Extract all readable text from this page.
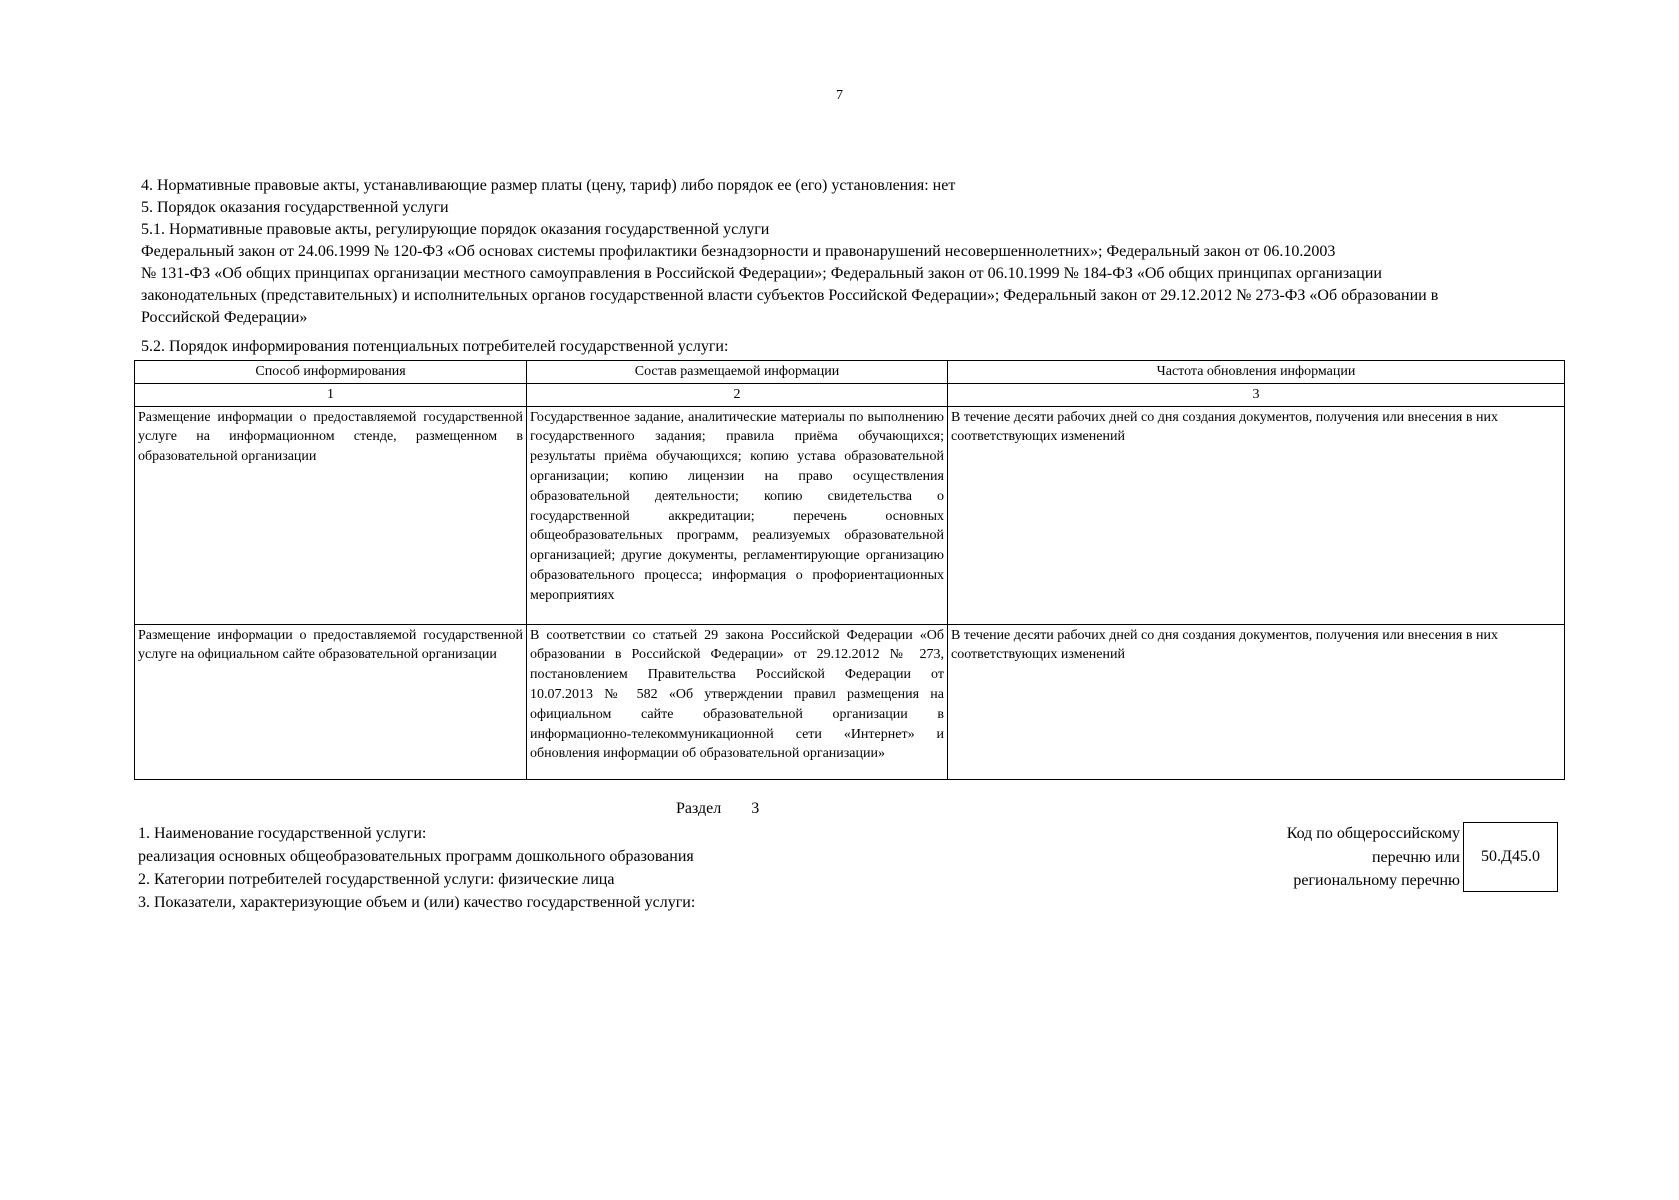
7

4. Нормативные правовые акты, устанавливающие размер платы (цену, тариф) либо порядок ее (его) установления: нет

5. Порядок оказания государственной услуги

5.1. Нормативные правовые акты, регулирующие порядок оказания государственной услуги

Федеральный закон от 24.06.1999 № 120-ФЗ «Об основах системы профилактики безнадзорности и правонарушений несовершеннолетних»; Федеральный закон от 06.10.2003

№ 131-ФЗ «Об общих принципах организации местного самоуправления в Российской Федерации»; Федеральный закон от 06.10.1999 № 184-ФЗ «Об общих принципах организации

законодательных (представительных) и исполнительных органов государственной власти субъектов Российской Федерации»; Федеральный закон от 29.12.2012 № 273-ФЗ «Об образовании в

Российской Федерации»

5.2. Порядок информирования потенциальных потребителей государственной услуги:
Способ информирования	Состав размещаемой информации	Частота обновления информации
1	2	3
Размещение информации о предоставляемой государственной услуге на информационном стенде, размещенном в образовательной организации	Государственное задание, аналитические материалы по выполнению государственного задания; правила приёма обучающихся; результаты приёма обучающихся; копию устава образовательной организации; копию лицензии на право осуществления образовательной деятельности; копию свидетельства о государственной аккредитации; перечень основных общеобразовательных программ, реализуемых образовательной организацией; другие документы, регламентирующие организацию образовательного процесса; информация о профориентационных мероприятиях	В течение десяти рабочих дней со дня создания документов, получения или внесения в них соответствующих изменений
Размещение информации о предоставляемой государственной услуге на официальном сайте образовательной организации	В соответствии со статьей 29 закона Российской Федерации «Об образовании в Российской Федерации» от 29.12.2012 № 273, постановлением Правительства Российской Федерации от 10.07.2013 № 582 «Об утверждении правил размещения на официальном сайте образовательной организации в информационно-телекоммуникационной сети «Интернет» и обновления информации об образовательной организации»	В течение десяти рабочих дней со дня создания документов, получения или внесения в них соответствующих изменений
Раздел 3

1. Наименование государственной услуги:

реализация основных общеобразовательных программ дошкольного образования

2. Категории потребителей государственной услуги: физические лица

3. Показатели, характеризующие объем и (или) качество государственной услуги:

Код по общероссийскому
перечню или
региональному перечню
50.Д45.0
